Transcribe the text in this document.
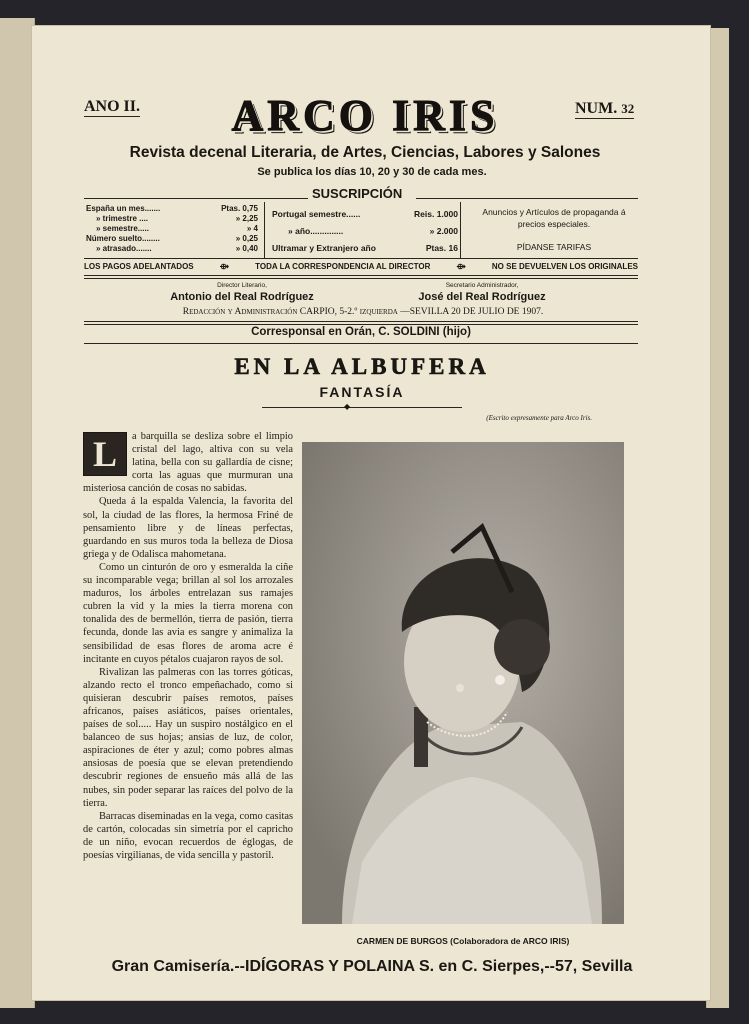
ANO II.	ARCO IRIS	NUM. 32
Revista decenal Literaria, de Artes, Ciencias, Labores y Salones
Se publica los días 10, 20 y 30 de cada mes.
SUSCRIPCIÓN
España un mes.......	Ptas. 0,75
» trimestre ....	» 2,25
» semestre.....	» 4
Número suelto........	» 0,25
» atrasado.......	» 0,40
Portugal semestre......	Reis. 1.000
» año..............	» 2.000
Ultramar y Extranjero año	Ptas. 16
Anuncios y Artículos de propaganda á precios especiales.
PÍDANSE TARIFAS
LOS PAGOS ADELANTADOS	⟴	TODA LA CORRESPONDENCIA AL DIRECTOR	⟴	NO SE DEVUELVEN LOS ORIGINALES
Director Literario,
Antonio del Real Rodríguez
Secretario Administrador,
José del Real Rodríguez
Redacción y Administración CARPIO, 5-2.º izquierda —SEVILLA 20 DE JULIO DE 1907.
Corresponsal en Orán, C. SOLDINI (hijo)
EN LA ALBUFERA
FANTASÍA
◆
(Escrito expresamente para Arco Iris.

L	a barquilla se desliza sobre el limpio cristal del lago, altiva con su vela latina, bella con su gallardía de cisne; corta las aguas que murmuran una misteriosa canción de cosas no sabidas.

Queda á la espalda Valencia, la favorita del sol, la ciudad de las flores, la hermosa Friné de pensamiento libre y de líneas perfectas, guardando en sus muros toda la belleza de Diosa griega y de Odalisca mahometana.

Como un cinturón de oro y esmeralda la ciñe su incomparable vega; brillan al sol los arrozales maduros, los árboles entrelazan sus ramajes cubren la vid y la mies la tierra morena con tonalida des de bermellón, tierra de pasión, tierra fecunda, donde las avia es sangre y animaliza la sensibilidad de esas flores de aroma acre é incitante en cuyos pétalos cuajaron rayos de sol.

Rivalizan las palmeras con las torres góticas, alzando recto el tronco empeñachado, como si quisieran descubrir países remotos, países africanos, países asiáticos, países orientales, países de sol..... Hay un suspiro nostálgico en el balanceo de sus hojas; ansias de luz, de color, aspiraciones de éter y azul; como pobres almas ansiosas de poesía que se elevan pretendiendo descubrir regiones de ensueño más allá de las nubes, sin poder separar las raíces del polvo de la tierra.

Barracas diseminadas en la vega, como casitas de cartón, colocadas sin simetría por el capricho de un niño, evocan recuerdos de églogas, de poesías virgilianas, de vida sencilla y pastoril.

CARMEN DE BURGOS (Colaboradora de ARCO IRIS)
Gran Camisería.--IDÍGORAS Y POLAINA S. en C. Sierpes,--57, Sevilla
